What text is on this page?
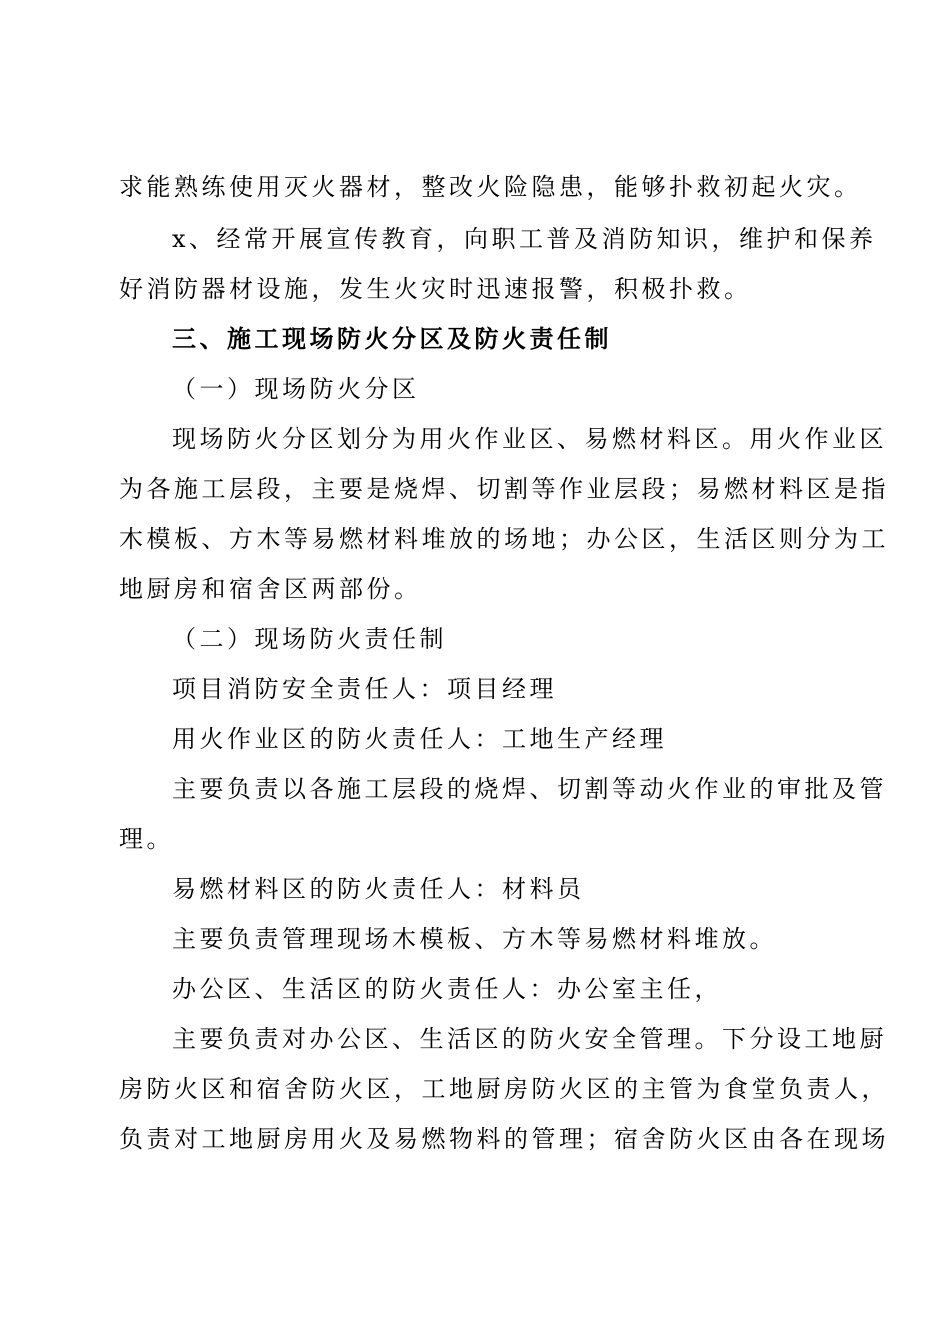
求能熟练使用灭火器材，整改火险隐患，能够扑救初起火灾。
x、经常开展宣传教育，向职工普及消防知识，维护和保养
好消防器材设施，发生火灾时迅速报警，积极扑救。
三、施工现场防火分区及防火责任制
（一）现场防火分区
现场防火分区划分为用火作业区、易燃材料区。用火作业区
为各施工层段，主要是烧焊、切割等作业层段；易燃材料区是指
木模板、方木等易燃材料堆放的场地；办公区，生活区则分为工
地厨房和宿舍区两部份。
（二）现场防火责任制
项目消防安全责任人：项目经理
用火作业区的防火责任人：工地生产经理
主要负责以各施工层段的烧焊、切割等动火作业的审批及管
理。
易燃材料区的防火责任人：材料员
主要负责管理现场木模板、方木等易燃材料堆放。
办公区、生活区的防火责任人：办公室主任，
主要负责对办公区、生活区的防火安全管理。下分设工地厨
房防火区和宿舍防火区，工地厨房防火区的主管为食堂负责人，
负责对工地厨房用火及易燃物料的管理；宿舍防火区由各在现场
